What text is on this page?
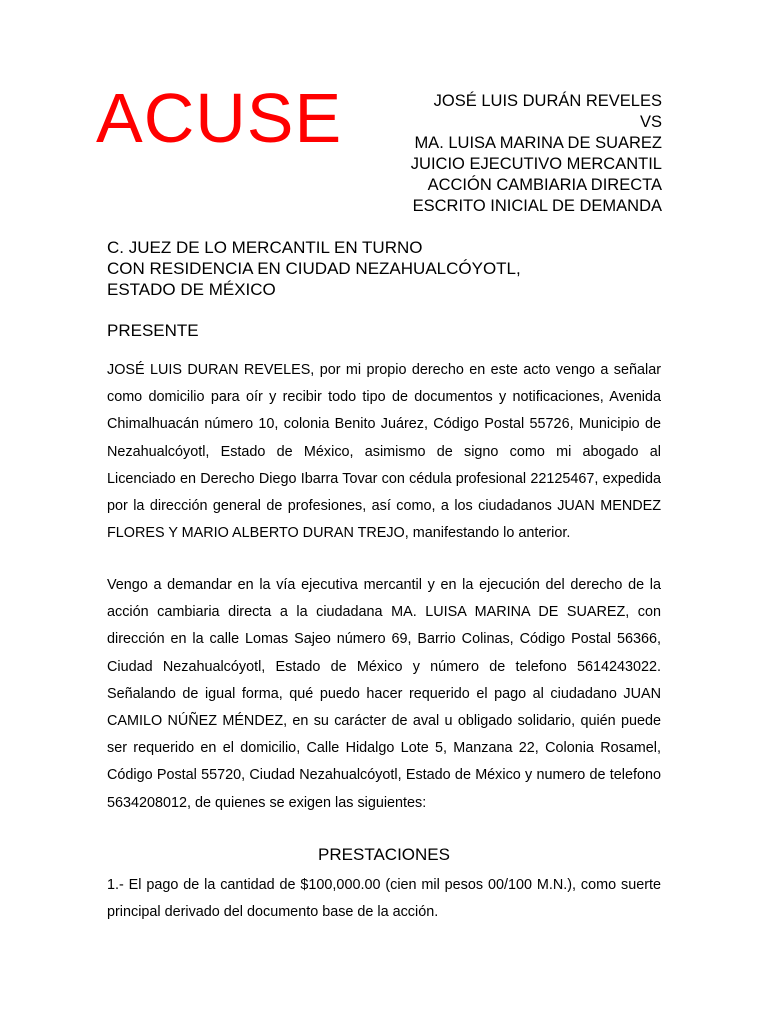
ACUSE	JOSÉ LUIS DURÁN REVELES
VS
MA. LUISA MARINA DE SUAREZ
JUICIO EJECUTIVO MERCANTIL
ACCIÓN CAMBIARIA DIRECTA
ESCRITO INICIAL DE DEMANDA
C. JUEZ DE LO MERCANTIL EN TURNO
CON RESIDENCIA EN CIUDAD NEZAHUALCÓYOTL,
ESTADO DE MÉXICO
PRESENTE

JOSÉ LUIS DURAN REVELES, por mi propio derecho en este acto vengo a señalar como domicilio para oír y recibir todo tipo de documentos y notificaciones, Avenida Chimalhuacán número 10, colonia Benito Juárez, Código Postal 55726, Municipio de Nezahualcóyotl, Estado de México, asimismo de signo como mi abogado al Licenciado en Derecho Diego Ibarra Tovar con cédula profesional 22125467, expedida por la dirección general de profesiones, así como, a los ciudadanos JUAN MENDEZ FLORES Y MARIO ALBERTO DURAN TREJO, manifestando lo anterior.

Vengo a demandar en la vía ejecutiva mercantil y en la ejecución del derecho de la acción cambiaria directa a la ciudadana MA. LUISA MARINA DE SUAREZ, con dirección en la calle Lomas Sajeo número 69, Barrio Colinas, Código Postal 56366, Ciudad Nezahualcóyotl, Estado de México y número de telefono 5614243022. Señalando de igual forma, qué puedo hacer requerido el pago al ciudadano JUAN CAMILO NÚÑEZ MÉNDEZ, en su carácter de aval u obligado solidario, quién puede ser requerido en el domicilio, Calle Hidalgo Lote 5, Manzana 22, Colonia Rosamel, Código Postal 55720, Ciudad Nezahualcóyotl, Estado de México y numero de telefono 5634208012, de quienes se exigen las siguientes:

PRESTACIONES

1.- El pago de la cantidad de $100,000.00 (cien mil pesos 00/100 M.N.), como suerte principal derivado del documento base de la acción.
